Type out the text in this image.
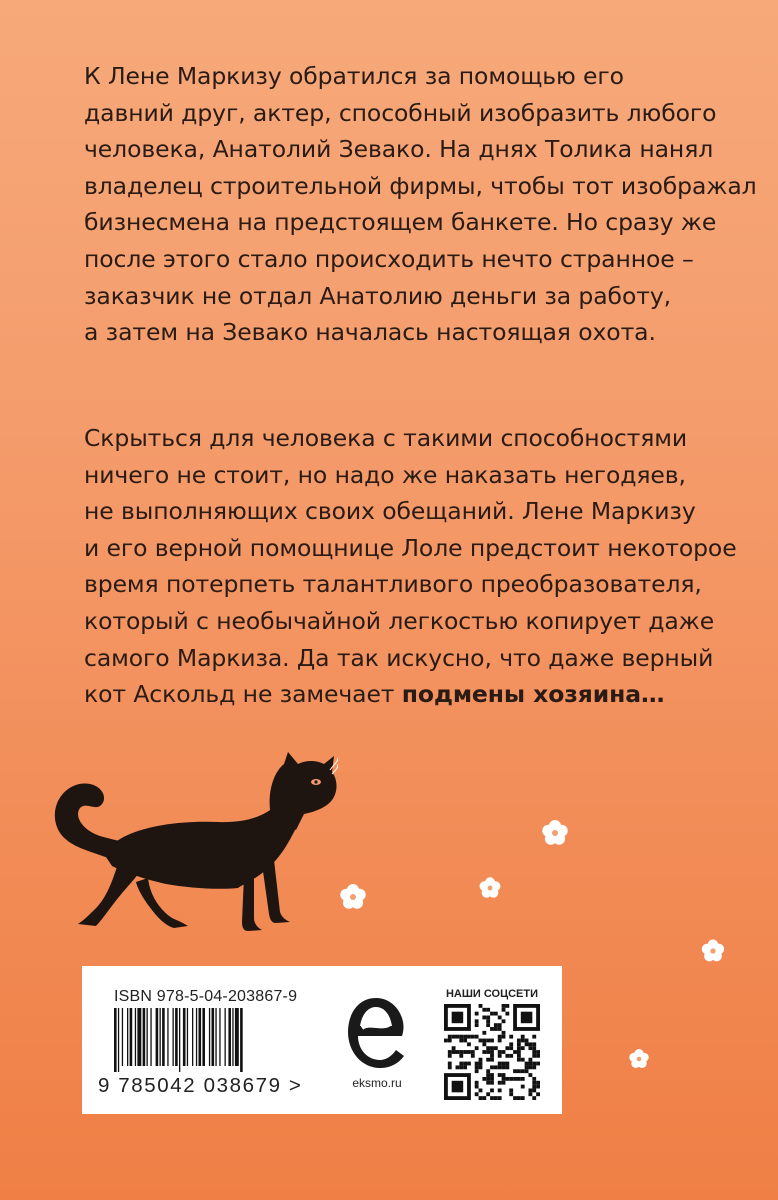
К Лене Маркизу обратился за помощью его
давний друг, актер, способный изобразить любого
человека, Анатолий Зевако. На днях Толика нанял
владелец строительной фирмы, чтобы тот изображал
бизнесмена на предстоящем банкете. Но сразу же
после этого стало происходить нечто странное –
заказчик не отдал Анатолию деньги за работу,
а затем на Зевако началась настоящая охота.
Скрыться для человека с такими способностями
ничего не стоит, но надо же наказать негодяев,
не выполняющих своих обещаний. Лене Маркизу
и его верной помощнице Лоле предстоит некоторое
время потерпеть талантливого преобразователя,
который с необычайной легкостью копирует даже
самого Маркиза. Да так искусно, что даже верный
кот Аскольд не замечает подмены хозяина…
ISBN 978-5-04-203867-9
9 785042 038679 >	eksmo.ru
НАШИ СОЦСЕТИ
